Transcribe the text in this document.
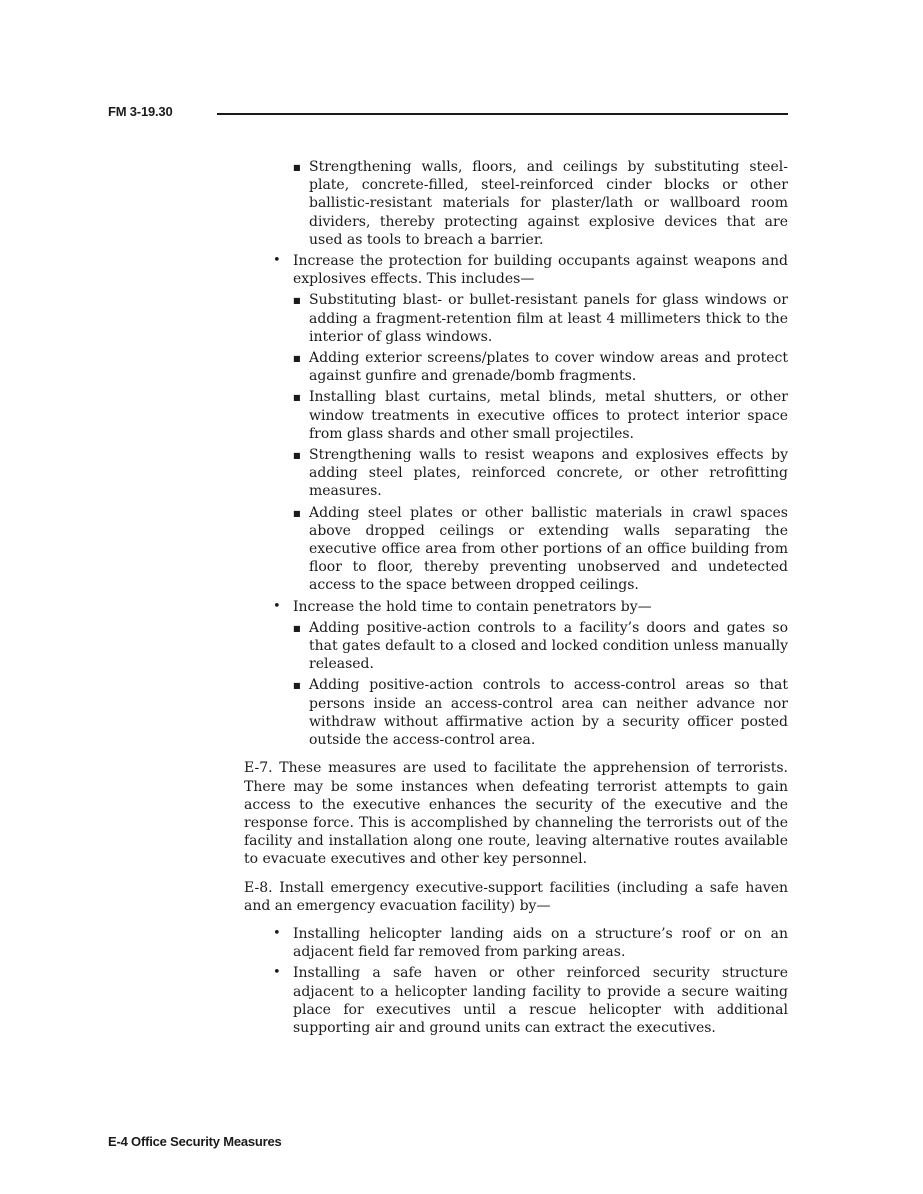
FM 3-19.30
■ Strengthening walls, floors, and ceilings by substituting steel-plate, concrete-filled, steel-reinforced cinder blocks or other ballistic-resistant materials for plaster/lath or wallboard room dividers, thereby protecting against explosive devices that are used as tools to breach a barrier.
• Increase the protection for building occupants against weapons and explosives effects. This includes—
■ Substituting blast- or bullet-resistant panels for glass windows or adding a fragment-retention film at least 4 millimeters thick to the interior of glass windows.
■ Adding exterior screens/plates to cover window areas and protect against gunfire and grenade/bomb fragments.
■ Installing blast curtains, metal blinds, metal shutters, or other window treatments in executive offices to protect interior space from glass shards and other small projectiles.
■ Strengthening walls to resist weapons and explosives effects by adding steel plates, reinforced concrete, or other retrofitting measures.
■ Adding steel plates or other ballistic materials in crawl spaces above dropped ceilings or extending walls separating the executive office area from other portions of an office building from floor to floor, thereby preventing unobserved and undetected access to the space between dropped ceilings.
• Increase the hold time to contain penetrators by—
■ Adding positive-action controls to a facility’s doors and gates so that gates default to a closed and locked condition unless manually released.
■ Adding positive-action controls to access-control areas so that persons inside an access-control area can neither advance nor withdraw without affirmative action by a security officer posted outside the access-control area.

E-7. These measures are used to facilitate the apprehension of terrorists. There may be some instances when defeating terrorist attempts to gain access to the executive enhances the security of the executive and the response force. This is accomplished by channeling the terrorists out of the facility and installation along one route, leaving alternative routes available to evacuate executives and other key personnel.

E-8. Install emergency executive-support facilities (including a safe haven and an emergency evacuation facility) by—

• Installing helicopter landing aids on a structure’s roof or on an adjacent field far removed from parking areas.
• Installing a safe haven or other reinforced security structure adjacent to a helicopter landing facility to provide a secure waiting place for executives until a rescue helicopter with additional supporting air and ground units can extract the executives.
E-4 Office Security Measures
